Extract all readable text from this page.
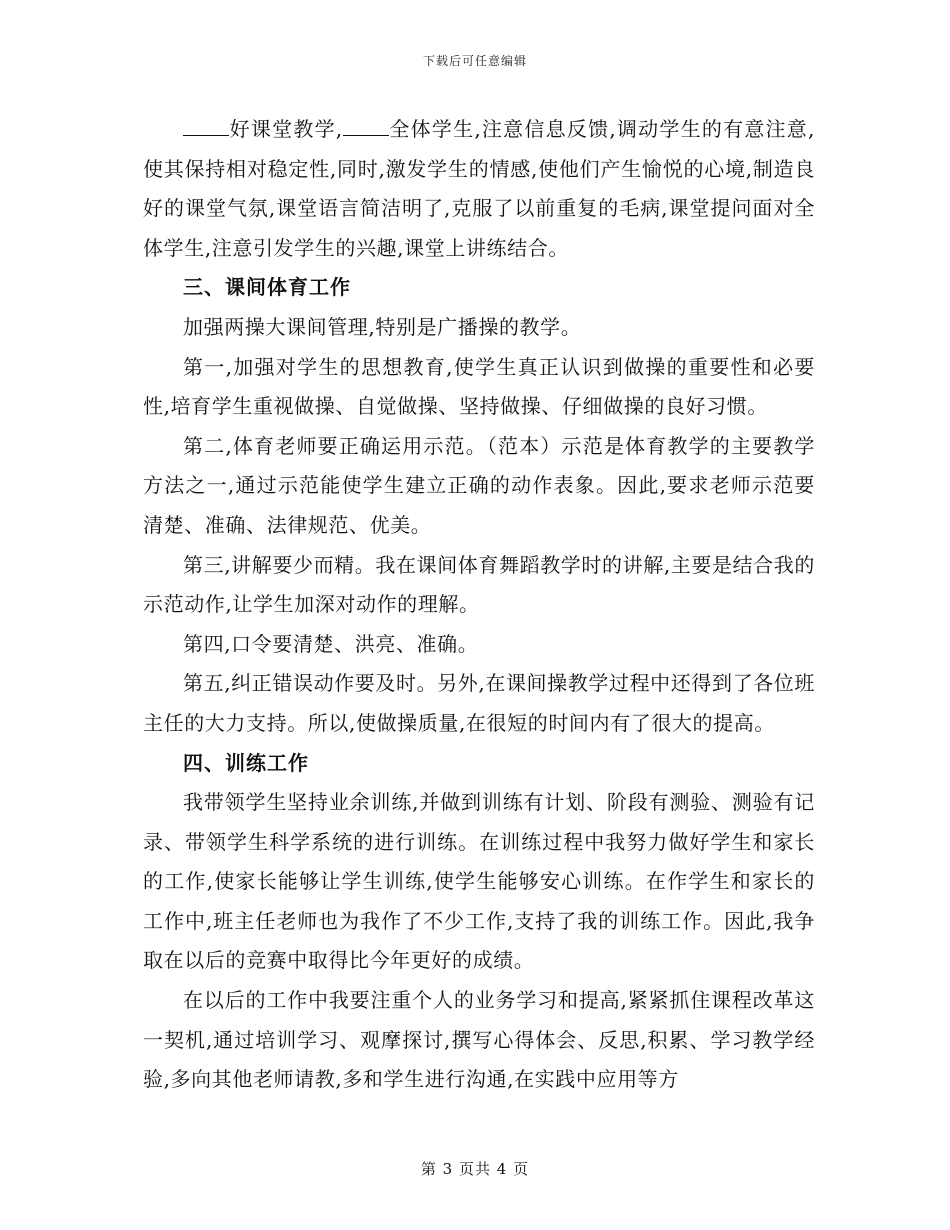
下载后可任意编辑

好课堂教学, 全体学生,注意信息反馈,调动学生的有意注意,使其保持相对稳定性,同时,激发学生的情感,使他们产生愉悦的心境,制造良好的课堂气氛,课堂语言简洁明了,克服了以前重复的毛病,课堂提问面对全体学生,注意引发学生的兴趣,课堂上讲练结合。

三、课间体育工作

加强两操大课间管理,特别是广播操的教学。

第一,加强对学生的思想教育,使学生真正认识到做操的重要性和必要性,培育学生重视做操、自觉做操、坚持做操、仔细做操的良好习惯。

第二,体育老师要正确运用示范。（范本）示范是体育教学的主要教学方法之一,通过示范能使学生建立正确的动作表象。因此,要求老师示范要清楚、准确、法律规范、优美。

第三,讲解要少而精。我在课间体育舞蹈教学时的讲解,主要是结合我的示范动作,让学生加深对动作的理解。

第四,口令要清楚、洪亮、准确。

第五,纠正错误动作要及时。另外,在课间操教学过程中还得到了各位班主任的大力支持。所以,使做操质量,在很短的时间内有了很大的提高。

四、训练工作

我带领学生坚持业余训练,并做到训练有计划、阶段有测验、测验有记录、带领学生科学系统的进行训练。在训练过程中我努力做好学生和家长的工作,使家长能够让学生训练,使学生能够安心训练。在作学生和家长的工作中,班主任老师也为我作了不少工作,支持了我的训练工作。因此,我争取在以后的竞赛中取得比今年更好的成绩。

在以后的工作中我要注重个人的业务学习和提高,紧紧抓住课程改革这一契机,通过培训学习、观摩探讨,撰写心得体会、反思,积累、学习教学经验,多向其他老师请教,多和学生进行沟通,在实践中应用等方

第 3 页共 4 页
